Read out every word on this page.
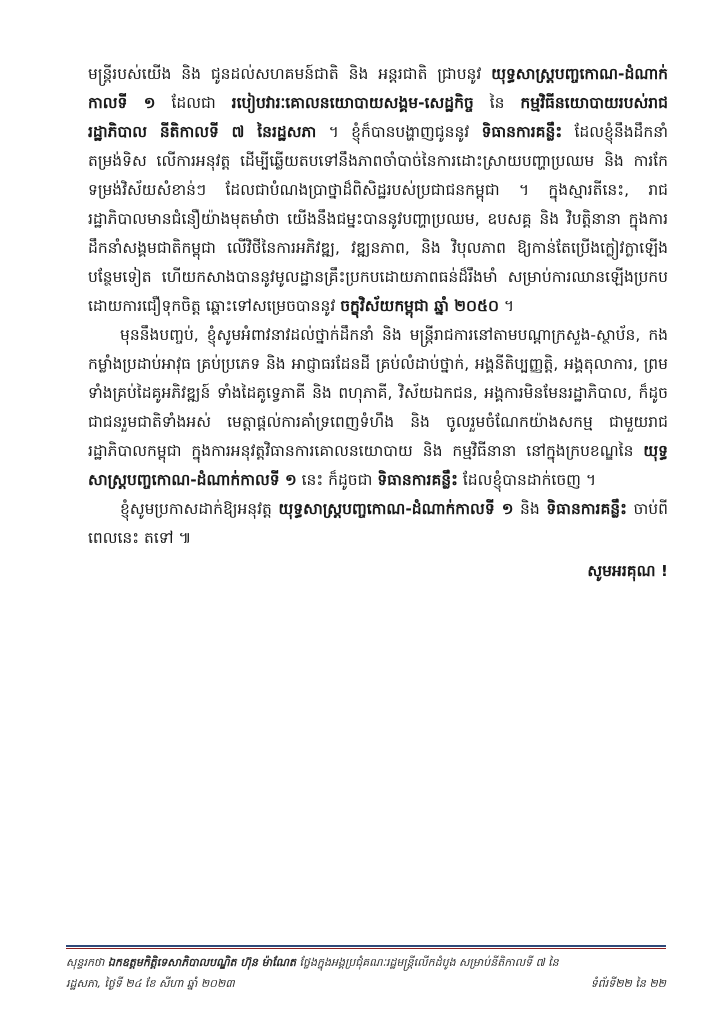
មន្ត្រីរបស់យើង និង ជូនដល់សហគមន៍ជាតិ និង អន្តរជាតិ ជ្រាបនូវ យុទ្ធសាស្ត្របញ្ចកោណ-ដំណាក់កាលទី ១ ដែលជា របៀបវារៈគោលនយោបាយសង្គម-សេដ្ឋកិច្ច នៃ កម្មវិធីនយោបាយរបស់រាជរដ្ឋាភិបាល នីតិកាលទី ៧ នៃរដ្ឋសភា ។ ខ្ញុំក៏បានបង្ហាញជូននូវ ទិធានការគន្លឹះ ដែលខ្ញុំនឹងដឹកនាំតម្រង់ទិស លើការអនុវត្ត ដើម្បីឆ្លើយតបទៅនឹងភាពចាំបាច់នៃការដោះស្រាយបញ្ហាប្រឈម និង ការកែទម្រង់វិស័យសំខាន់ៗ ដែលជាបំណងប្រាថ្នាដ៏ពិសិដ្ឋរបស់ប្រជាជនកម្ពុជា ។ ក្នុងស្មារតីនេះ, រាជរដ្ឋាភិបាលមានជំនឿយ៉ាងមុតមាំថា យើងនឹងជម្នះបាននូវបញ្ហាប្រឈម, ឧបសគ្គ និង វិបត្តិនានា ក្នុងការដឹកនាំសង្គមជាតិកម្ពុជា លើវិថីនៃការអភិវឌ្ឍ, វឌ្ឍនភាព, និង វិបុលភាព ឱ្យកាន់តែប្រើងក្លៀវក្លាឡើងបន្ថែមទៀត ហើយកសាងបាននូវមូលដ្ឋានគ្រឹះប្រកបដោយភាពធន់ដ៏រឹងមាំ សម្រាប់ការឈានឡើងប្រកបដោយការជឿទុកចិត្ត ឆ្ពោះទៅសម្រេចបាននូវ ចក្ខុវិស័យកម្ពុជា ឆ្នាំ ២០៥០ ។

មុននឹងបញ្ចប់, ខ្ញុំសូមអំពាវនាវដល់ថ្នាក់ដឹកនាំ និង មន្ត្រីរាជការនៅតាមបណ្តាក្រសួង-ស្ថាប័ន, កងកម្លាំងប្រដាប់អាវុធ គ្រប់ប្រភេទ និង អាជ្ញាធរដែនដី គ្រប់លំដាប់ថ្នាក់, អង្គនីតិប្បញ្ញត្តិ, អង្គតុលាការ, ព្រមទាំងគ្រប់ដៃគូអភិវឌ្ឍន៍ ទាំងដៃគូទ្វេភាគី និង ពហុភាគី, វិស័យឯកជន, អង្គការមិនមែនរដ្ឋាភិបាល, ក៏ដូចជាជនរួមជាតិទាំងអស់ មេត្តាផ្តល់ការគាំទ្រពេញទំហឹង និង ចូលរួមចំណែកយ៉ាងសកម្ម ជាមួយរាជរដ្ឋាភិបាលកម្ពុជា ក្នុងការអនុវត្តវិធានការគោលនយោបាយ និង កម្មវិធីនានា នៅក្នុងក្របខណ្ឌនៃ យុទ្ធសាស្ត្របញ្ចកោណ-ដំណាក់កាលទី ១ នេះ ក៏ដូចជា ទិធានការគន្លឹះ ដែលខ្ញុំបានដាក់ចេញ ។

ខ្ញុំសូមប្រកាសដាក់ឱ្យអនុវត្ត យុទ្ធសាស្ត្របញ្ចកោណ-ដំណាក់កាលទី ១ និង ទិធានការគន្លឹះ ចាប់ពីពេលនេះ តទៅ ៕

សូមអរគុណ !

សុន្ទរកថា ឯកឧត្តមកិត្តិទេសាភិបាលបណ្ឌិត ហ៊ុន ម៉ាណែត ថ្លែងក្នុងអង្គប្រជុំគណៈរដ្ឋមន្ត្រីលើកដំបូង សម្រាប់នីតិកាលទី ៧ នៃ
រដ្ឋសភា, ថ្ងៃទី ២៤ ខែ សីហា ឆ្នាំ ២០២៣	ទំព័រទី២២ នៃ ២២
